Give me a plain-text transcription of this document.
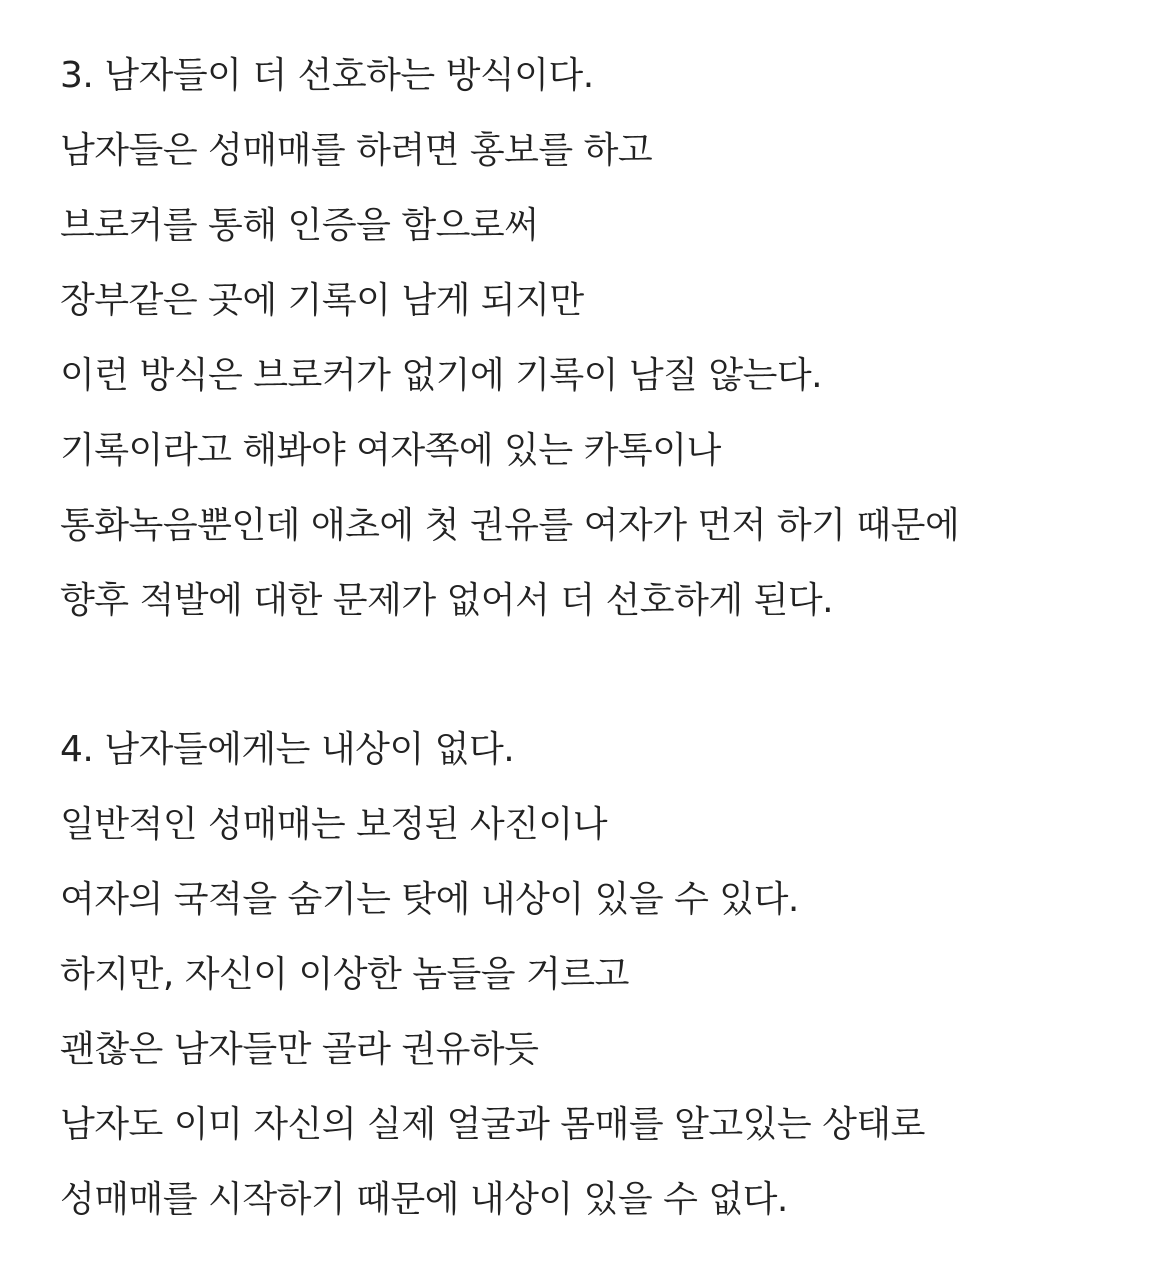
3. 남자들이 더 선호하는 방식이다.
남자들은 성매매를 하려면 홍보를 하고
브로커를 통해 인증을 함으로써
장부같은 곳에 기록이 남게 되지만
이런 방식은 브로커가 없기에 기록이 남질 않는다.
기록이라고 해봐야 여자쪽에 있는 카톡이나
통화녹음뿐인데 애초에 첫 권유를 여자가 먼저 하기 때문에
향후 적발에 대한 문제가 없어서 더 선호하게 된다.
4. 남자들에게는 내상이 없다.
일반적인 성매매는 보정된 사진이나
여자의 국적을 숨기는 탓에 내상이 있을 수 있다.
하지만, 자신이 이상한 놈들을 거르고
괜찮은 남자들만 골라 권유하듯
남자도 이미 자신의 실제 얼굴과 몸매를 알고있는 상태로
성매매를 시작하기 때문에 내상이 있을 수 없다.
